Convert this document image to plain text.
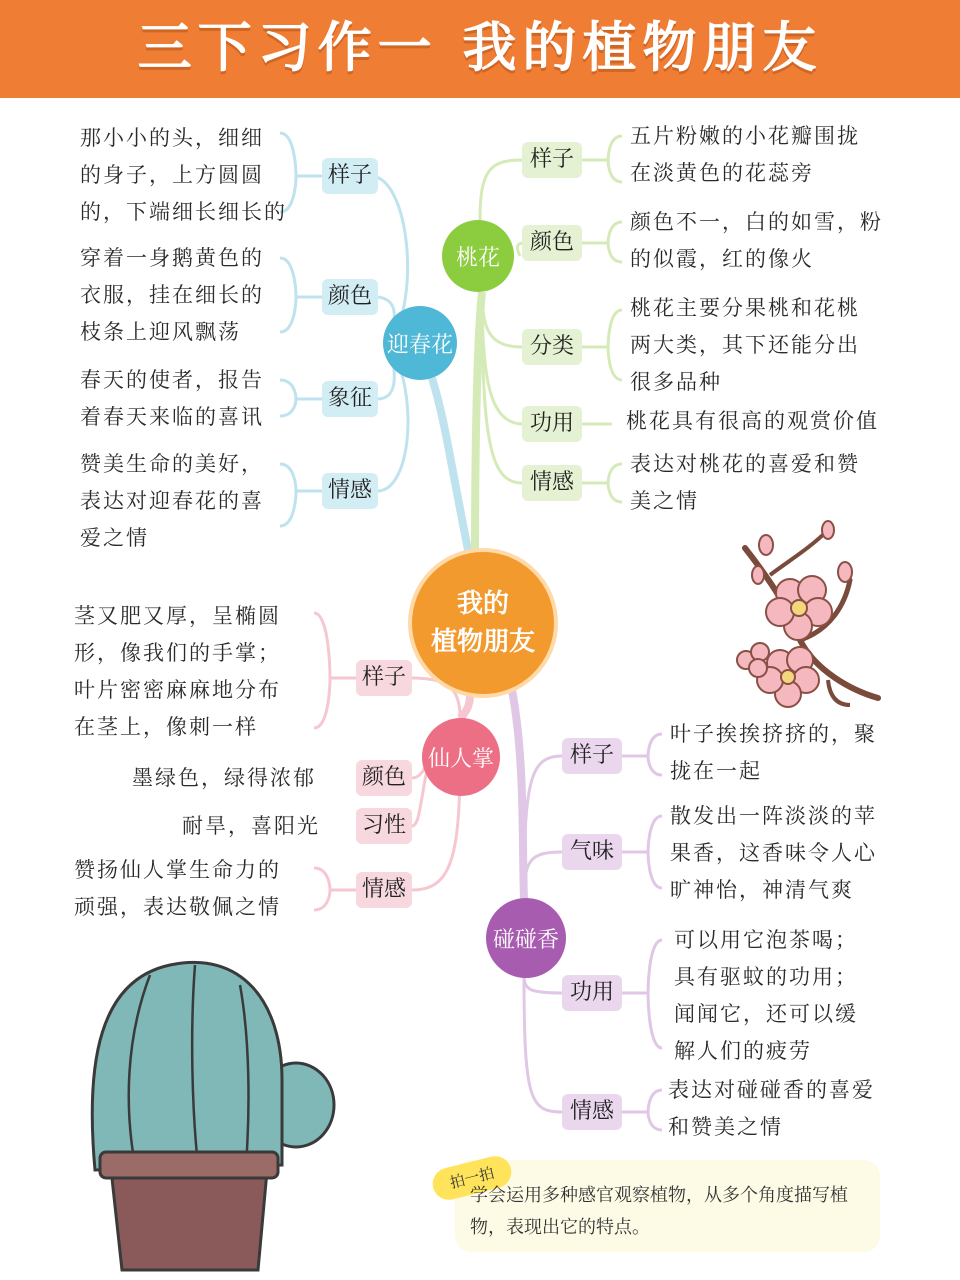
三下习作一 我的植物朋友
我的
植物朋友
迎春花
桃花
仙人掌
碰碰香
样子
颜色
象征
情感
那小小的头，细细
的身子，上方圆圆
的，下端细长细长的
穿着一身鹅黄色的
衣服，挂在细长的
枝条上迎风飘荡
春天的使者，报告
着春天来临的喜讯
赞美生命的美好，
表达对迎春花的喜
爱之情
样子
颜色
分类
功用
情感
五片粉嫩的小花瓣围拢
在淡黄色的花蕊旁
颜色不一，白的如雪，粉
的似霞，红的像火
桃花主要分果桃和花桃
两大类，其下还能分出
很多品种
桃花具有很高的观赏价值
表达对桃花的喜爱和赞
美之情
样子
颜色
习性
情感
茎又肥又厚，呈椭圆
形，像我们的手掌；
叶片密密麻麻地分布
在茎上，像刺一样
墨绿色，绿得浓郁
耐旱，喜阳光
赞扬仙人掌生命力的
顽强，表达敬佩之情
样子
气味
功用
情感
叶子挨挨挤挤的，聚
拢在一起
散发出一阵淡淡的苹
果香，这香味令人心
旷神怡，神清气爽
可以用它泡茶喝；
具有驱蚊的功用；
闻闻它，还可以缓
解人们的疲劳
表达对碰碰香的喜爱
和赞美之情
拍一拍
学会运用多种感官观察植物，从多个角度描写植物，表现出它的特点。
